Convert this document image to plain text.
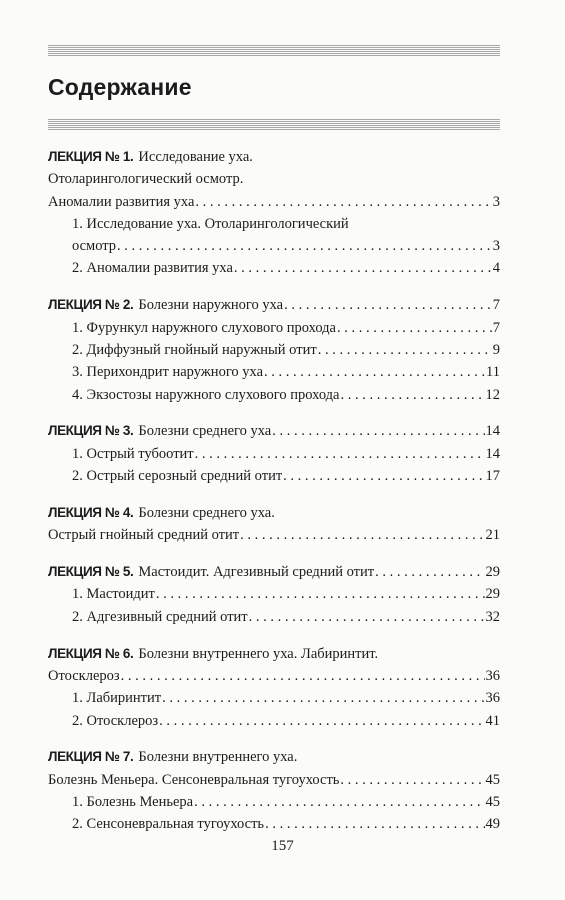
Содержание
ЛЕКЦИЯ № 1. Исследование уха.
Отоларингологический осмотр.
Аномалии развития уха . . .	3
1. Исследование уха. Отоларингологический
осмотр . . .	3
2. Аномалии развития уха . . .	4
ЛЕКЦИЯ № 2. Болезни наружного уха . . .	7
1. Фурункул наружного слухового прохода . . .	7
2. Диффузный гнойный наружный отит . . .	9
3. Перихондрит наружного уха . . .	11
4. Экзостозы наружного слухового прохода . . .	12
ЛЕКЦИЯ № 3. Болезни среднего уха . . .	14
1. Острый тубоотит . . .	14
2. Острый серозный средний отит . . .	17
ЛЕКЦИЯ № 4. Болезни среднего уха.
Острый гнойный средний отит . . .	21
ЛЕКЦИЯ № 5. Мастоидит. Адгезивный средний отит . . .	29
1. Мастоидит . . .	29
2. Адгезивный средний отит . . .	32
ЛЕКЦИЯ № 6. Болезни внутреннего уха. Лабиринтит.
Отосклероз . . .	36
1. Лабиринтит . . .	36
2. Отосклероз . . .	41
ЛЕКЦИЯ № 7. Болезни внутреннего уха.
Болезнь Меньера. Сенсоневральная тугоухость . . .	45
1. Болезнь Меньера . . .	45
2. Сенсоневральная тугоухость . . .	49
157
